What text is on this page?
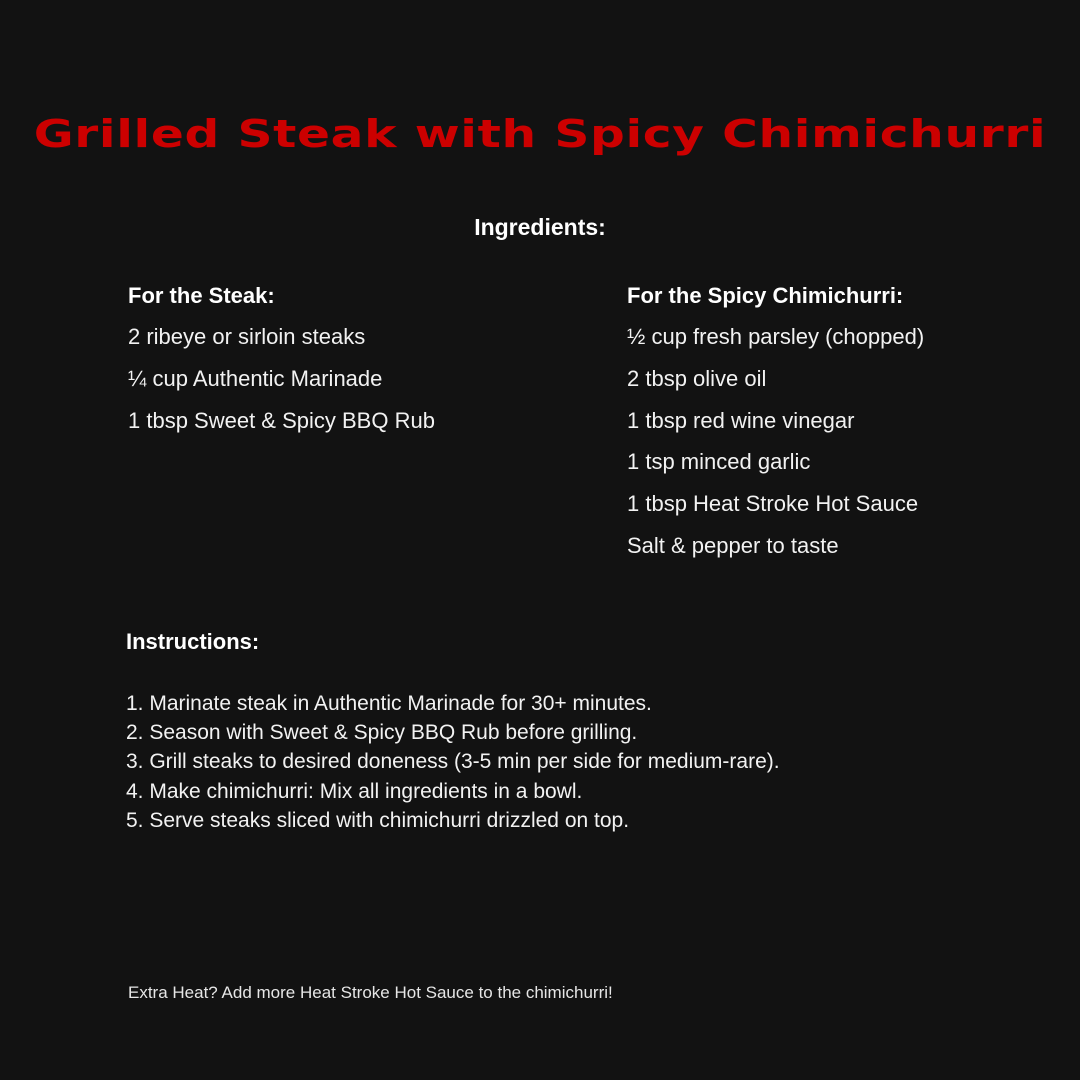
Grilled Steak with Spicy Chimichurri
Ingredients:
For the Steak:
2 ribeye or sirloin steaks
¼ cup Authentic Marinade
1 tbsp Sweet & Spicy BBQ Rub
For the Spicy Chimichurri:
½ cup fresh parsley (chopped)
2 tbsp olive oil
1 tbsp red wine vinegar
1 tsp minced garlic
1 tbsp Heat Stroke Hot Sauce
Salt & pepper to taste
Instructions:
1. Marinate steak in Authentic Marinade for 30+ minutes.
2. Season with Sweet & Spicy BBQ Rub before grilling.
3. Grill steaks to desired doneness (3-5 min per side for medium-rare).
4. Make chimichurri: Mix all ingredients in a bowl.
5. Serve steaks sliced with chimichurri drizzled on top.
Extra Heat? Add more Heat Stroke Hot Sauce to the chimichurri!
